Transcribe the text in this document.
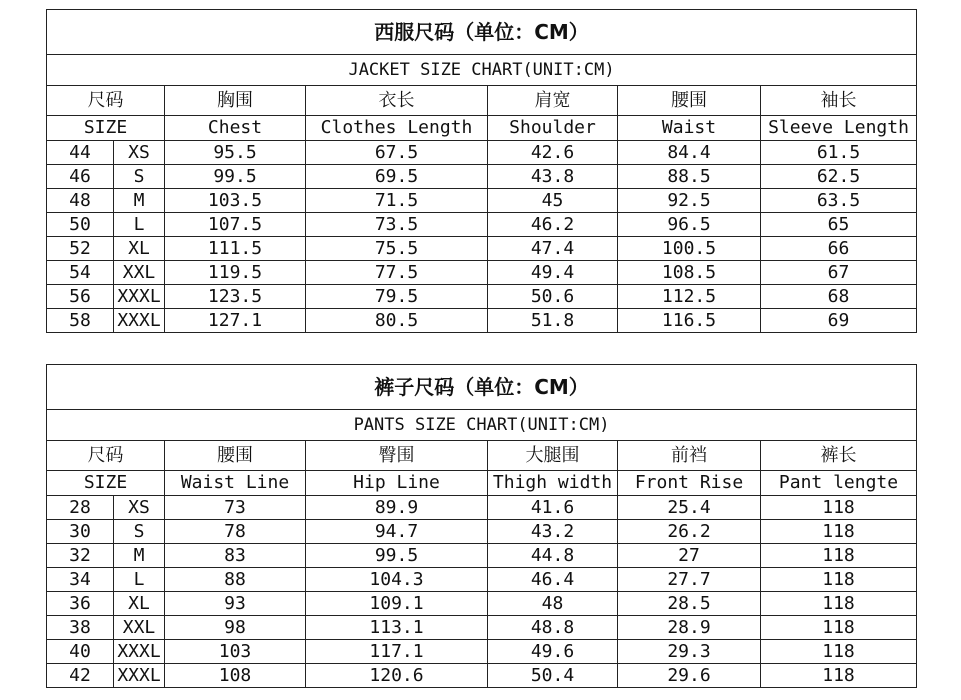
西服尺码（单位：CM）						
JACKET SIZE CHART(UNIT:CM)						
尺码		胸围	衣长	肩宽	腰围	袖长
SIZE		Chest	Clothes Length	Shoulder	Waist	Sleeve Length
44	XS	95.5	67.5	42.6	84.4	61.5
46	S	99.5	69.5	43.8	88.5	62.5
48	M	103.5	71.5	45	92.5	63.5
50	L	107.5	73.5	46.2	96.5	65
52	XL	111.5	75.5	47.4	100.5	66
54	XXL	119.5	77.5	49.4	108.5	67
56	XXXL	123.5	79.5	50.6	112.5	68
58	XXXL	127.1	80.5	51.8	116.5	69
裤子尺码（单位：CM）						
PANTS SIZE CHART(UNIT:CM)						
尺码		腰围	臀围	大腿围	前裆	裤长
SIZE		Waist Line	Hip Line	Thigh width	Front Rise	Pant lengte
28	XS	73	89.9	41.6	25.4	118
30	S	78	94.7	43.2	26.2	118
32	M	83	99.5	44.8	27	118
34	L	88	104.3	46.4	27.7	118
36	XL	93	109.1	48	28.5	118
38	XXL	98	113.1	48.8	28.9	118
40	XXXL	103	117.1	49.6	29.3	118
42	XXXL	108	120.6	50.4	29.6	118
